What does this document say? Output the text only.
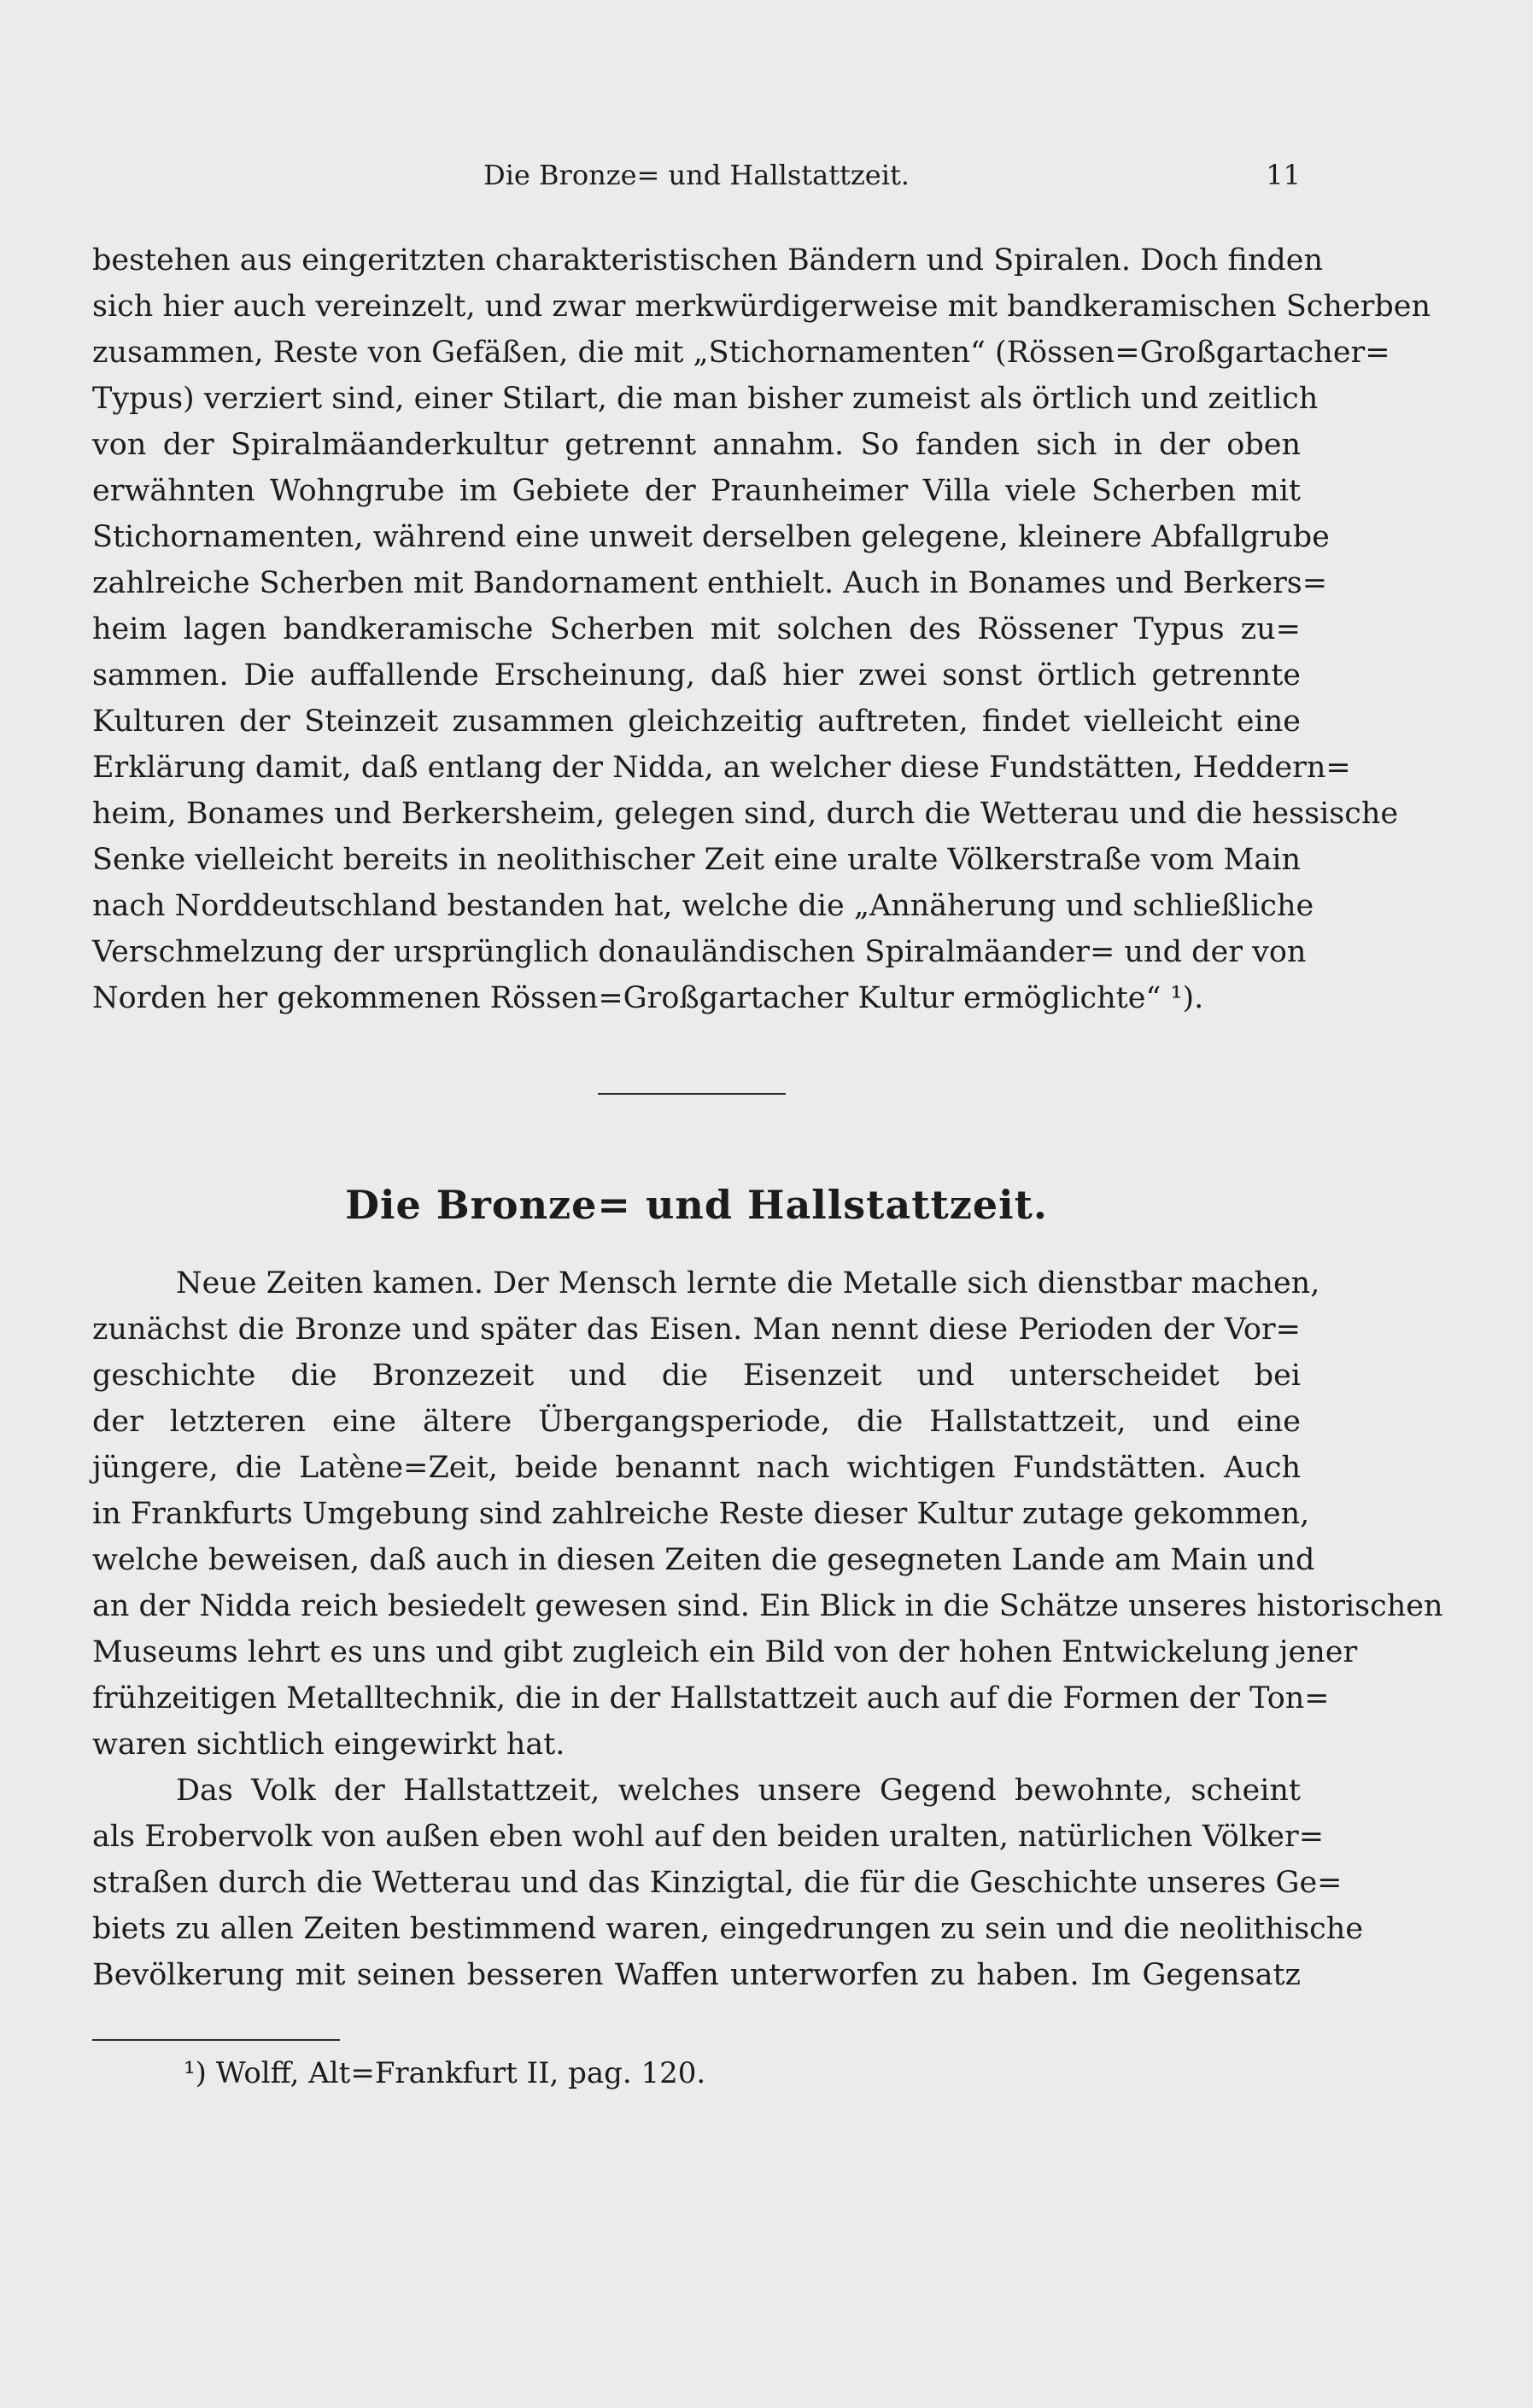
Die Bronze= und Hallstattzeit.	11
bestehen aus eingeritzten charakteristischen Bändern und Spiralen. Doch finden
sich hier auch vereinzelt, und zwar merkwürdigerweise mit bandkeramischen Scherben
zusammen, Reste von Gefäßen, die mit „Stichornamenten“ (Rössen=Großgartacher=
Typus) verziert sind, einer Stilart, die man bisher zumeist als örtlich und zeitlich
von der Spiralmäanderkultur getrennt annahm. So fanden sich in der oben
erwähnten Wohngrube im Gebiete der Praunheimer Villa viele Scherben mit
Stichornamenten, während eine unweit derselben gelegene, kleinere Abfallgrube
zahlreiche Scherben mit Bandornament enthielt. Auch in Bonames und Berkers=
heim lagen bandkeramische Scherben mit solchen des Rössener Typus zu=
sammen. Die auffallende Erscheinung, daß hier zwei sonst örtlich getrennte
Kulturen der Steinzeit zusammen gleichzeitig auftreten, findet vielleicht eine
Erklärung damit, daß entlang der Nidda, an welcher diese Fundstätten, Heddern=
heim, Bonames und Berkersheim, gelegen sind, durch die Wetterau und die hessische
Senke vielleicht bereits in neolithischer Zeit eine uralte Völkerstraße vom Main
nach Norddeutschland bestanden hat, welche die „Annäherung und schließliche
Verschmelzung der ursprünglich donauländischen Spiralmäander= und der von
Norden her gekommenen Rössen=Großgartacher Kultur ermöglichte“ ¹).
Die Bronze= und Hallstattzeit.
Neue Zeiten kamen. Der Mensch lernte die Metalle sich dienstbar machen,
zunächst die Bronze und später das Eisen. Man nennt diese Perioden der Vor=
geschichte die Bronzezeit und die Eisenzeit und unterscheidet bei
der letzteren eine ältere Übergangsperiode, die Hallstattzeit, und eine
jüngere, die Latène=Zeit, beide benannt nach wichtigen Fundstätten. Auch
in Frankfurts Umgebung sind zahlreiche Reste dieser Kultur zutage gekommen,
welche beweisen, daß auch in diesen Zeiten die gesegneten Lande am Main und
an der Nidda reich besiedelt gewesen sind. Ein Blick in die Schätze unseres historischen
Museums lehrt es uns und gibt zugleich ein Bild von der hohen Entwickelung jener
frühzeitigen Metalltechnik, die in der Hallstattzeit auch auf die Formen der Ton=
waren sichtlich eingewirkt hat.
Das Volk der Hallstattzeit, welches unsere Gegend bewohnte, scheint
als Erobervolk von außen eben wohl auf den beiden uralten, natürlichen Völker=
straßen durch die Wetterau und das Kinzigtal, die für die Geschichte unseres Ge=
biets zu allen Zeiten bestimmend waren, eingedrungen zu sein und die neolithische
Bevölkerung mit seinen besseren Waffen unterworfen zu haben. Im Gegensatz
¹) Wolff, Alt=Frankfurt II, pag. 120.
